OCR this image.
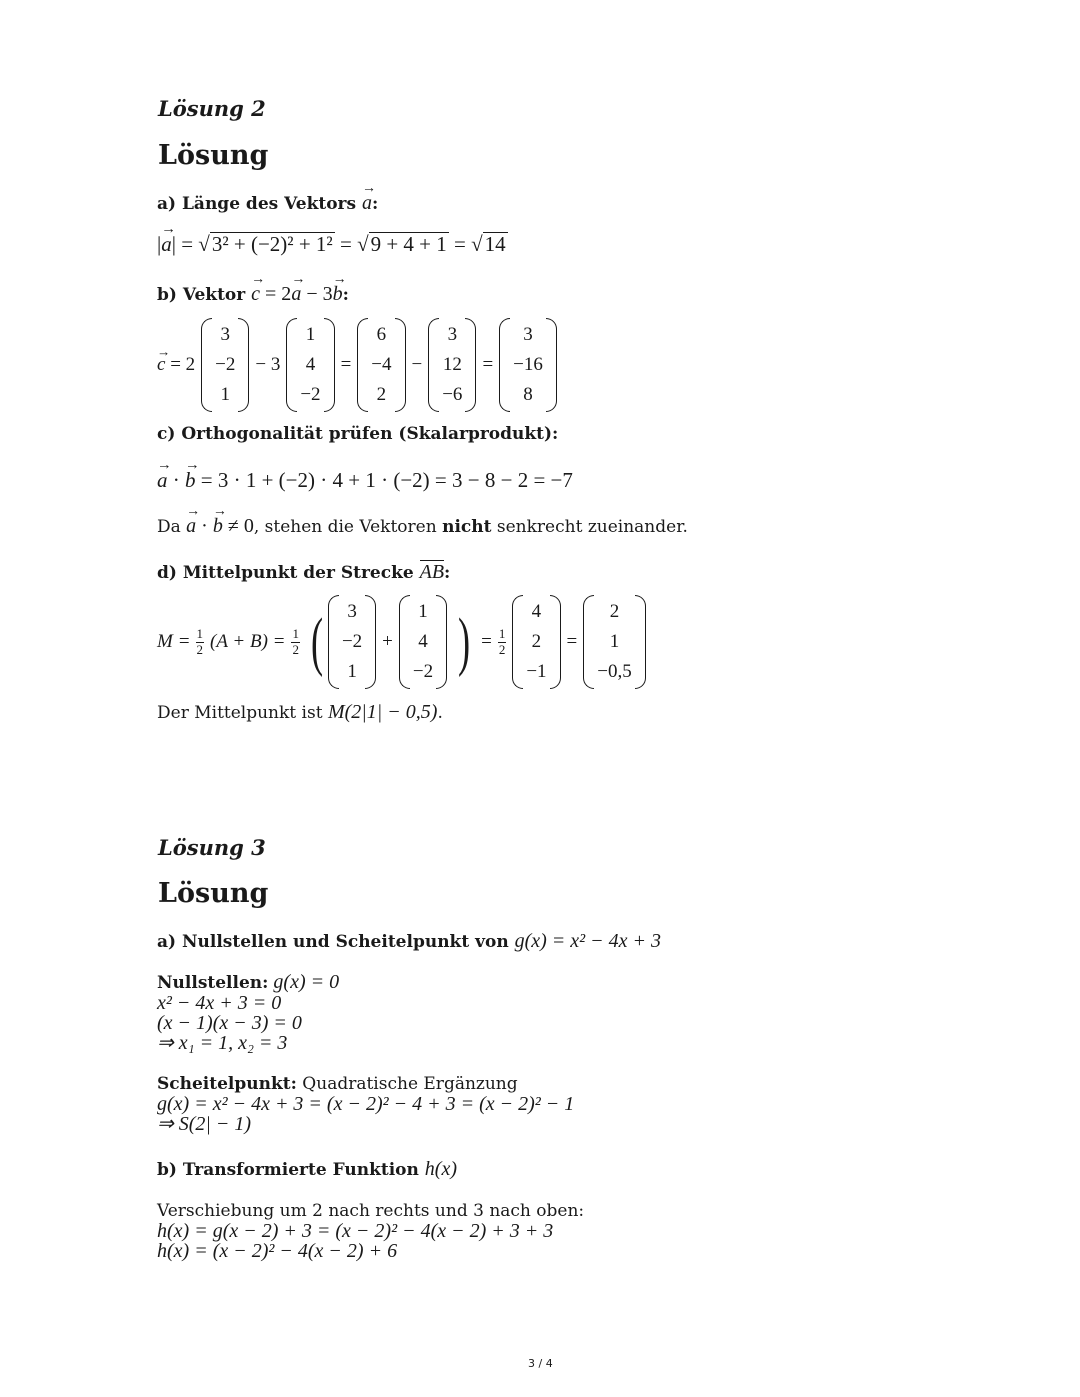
Lösung 2
Lösung
a) Länge des Vektors a →:
|a →| = √3² + (−2)² + 1² = √9 + 4 + 1 = √14
b) Vektor c → = 2a → − 3b →:
c → = 2
3
−2
1
− 3
1
4
−2
=
6
−4
2
−
3
12
−6
=
3
−16
8
c) Orthogonalität prüfen (Skalarprodukt):
a → · b → = 3 · 1 + (−2) · 4 + 1 · (−2) = 3 − 8 − 2 = −7
Da a → · b → ≠ 0, stehen die Vektoren nicht senkrecht zueinander.
d) Mittelpunkt der Strecke AB:
$M = \frac{1}{2} (A + B) = \frac{1}{2}$ ( 3
−2
1
+
1
4
−2 ) = $\frac{1}{2}$
4
2
−1
=
2
1
−0,5
Der Mittelpunkt ist M(2|1| − 0,5).
Lösung 3
Lösung
a) Nullstellen und Scheitelpunkt von g(x) = x² − 4x + 3
Nullstellen: g(x) = 0
x² − 4x + 3 = 0
(x − 1)(x − 3) = 0
⇒ x₁ = 1, x₂ = 3
Scheitelpunkt: Quadratische Ergänzung
g(x) = x² − 4x + 3 = (x − 2)² − 4 + 3 = (x − 2)² − 1
⇒ S(2| − 1)
b) Transformierte Funktion h(x)
Verschiebung um 2 nach rechts und 3 nach oben:
h(x) = g(x − 2) + 3 = (x − 2)² − 4(x − 2) + 3 + 3
h(x) = (x − 2)² − 4(x − 2) + 6
3 / 4
